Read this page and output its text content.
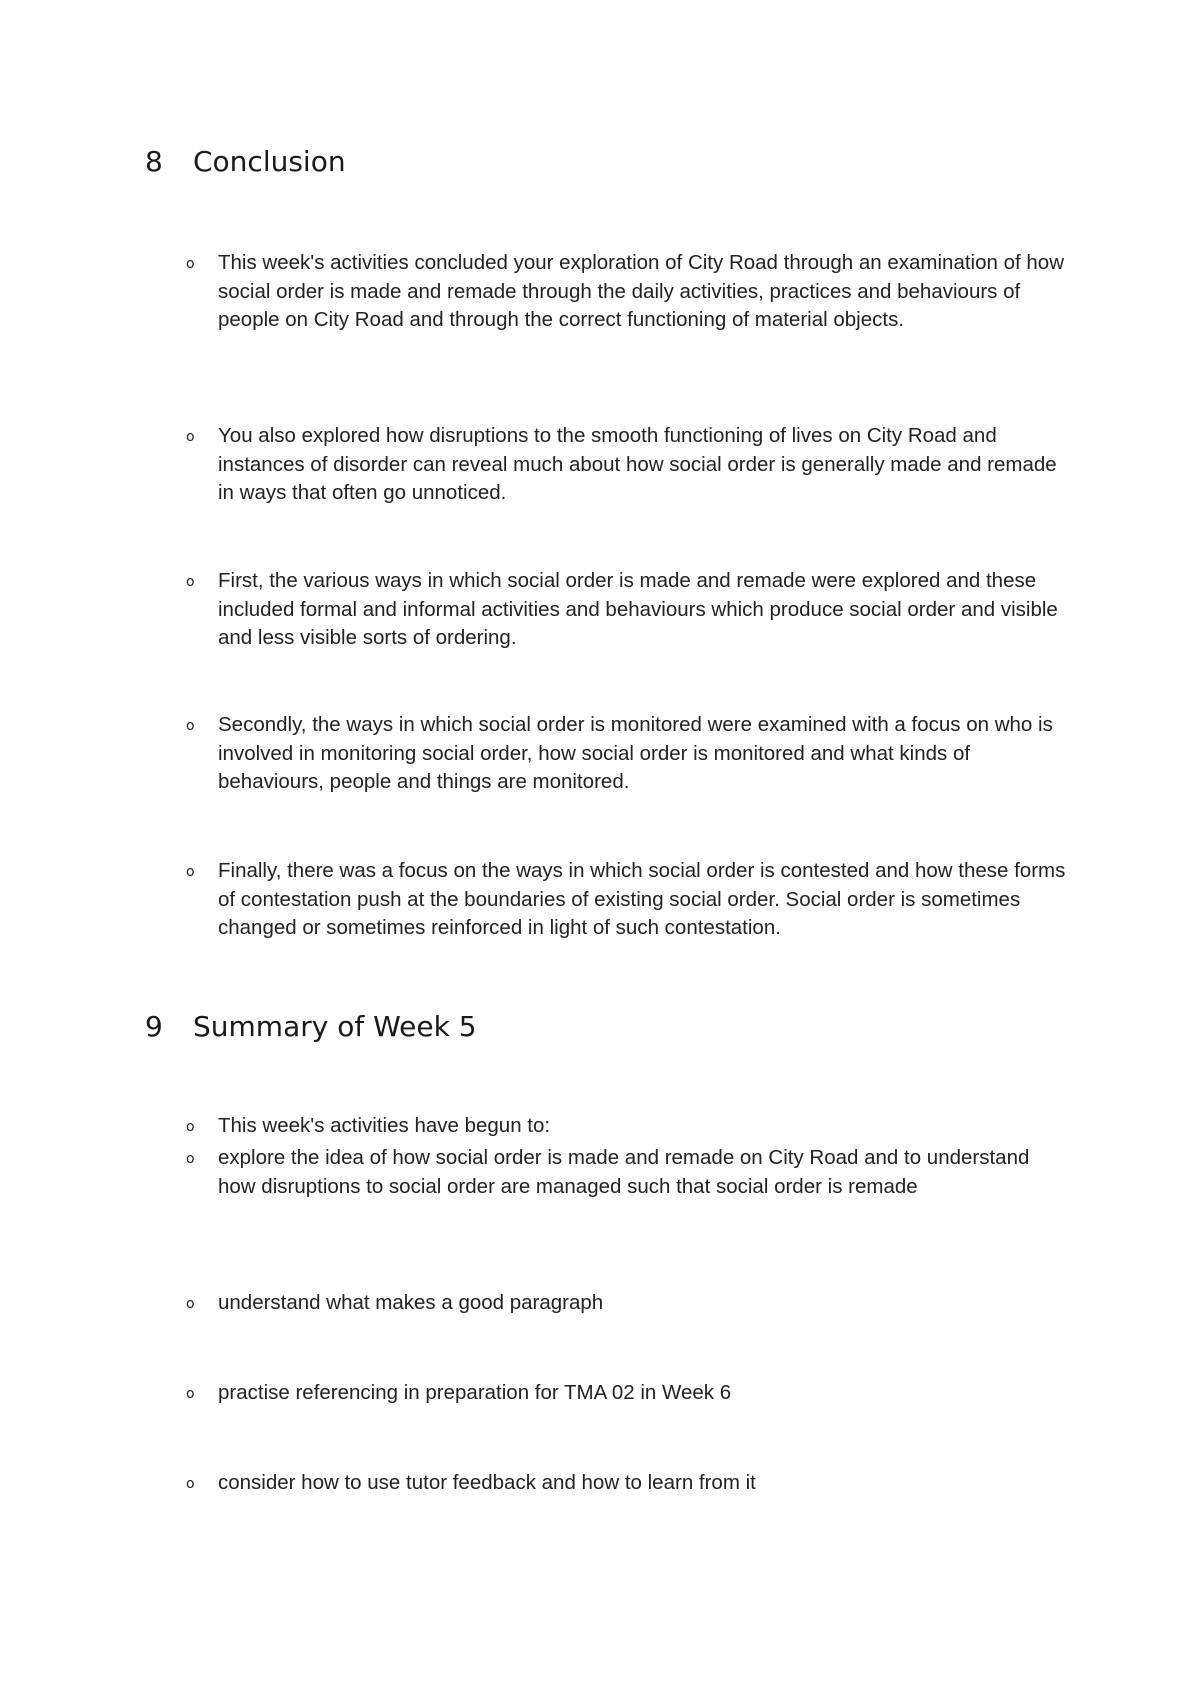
8 Conclusion
o This week's activities concluded your exploration of City Road through an examination of how social order is made and remade through the daily activities, practices and behaviours of people on City Road and through the correct functioning of material objects.
o You also explored how disruptions to the smooth functioning of lives on City Road and instances of disorder can reveal much about how social order is generally made and remade in ways that often go unnoticed.
o First, the various ways in which social order is made and remade were explored and these included formal and informal activities and behaviours which produce social order and visible and less visible sorts of ordering.
o Secondly, the ways in which social order is monitored were examined with a focus on who is involved in monitoring social order, how social order is monitored and what kinds of behaviours, people and things are monitored.
o Finally, there was a focus on the ways in which social order is contested and how these forms of contestation push at the boundaries of existing social order. Social order is sometimes changed or sometimes reinforced in light of such contestation.
9 Summary of Week 5
o This week's activities have begun to:
o explore the idea of how social order is made and remade on City Road and to understand how disruptions to social order are managed such that social order is remade
o understand what makes a good paragraph
o practise referencing in preparation for TMA 02 in Week 6
o consider how to use tutor feedback and how to learn from it
